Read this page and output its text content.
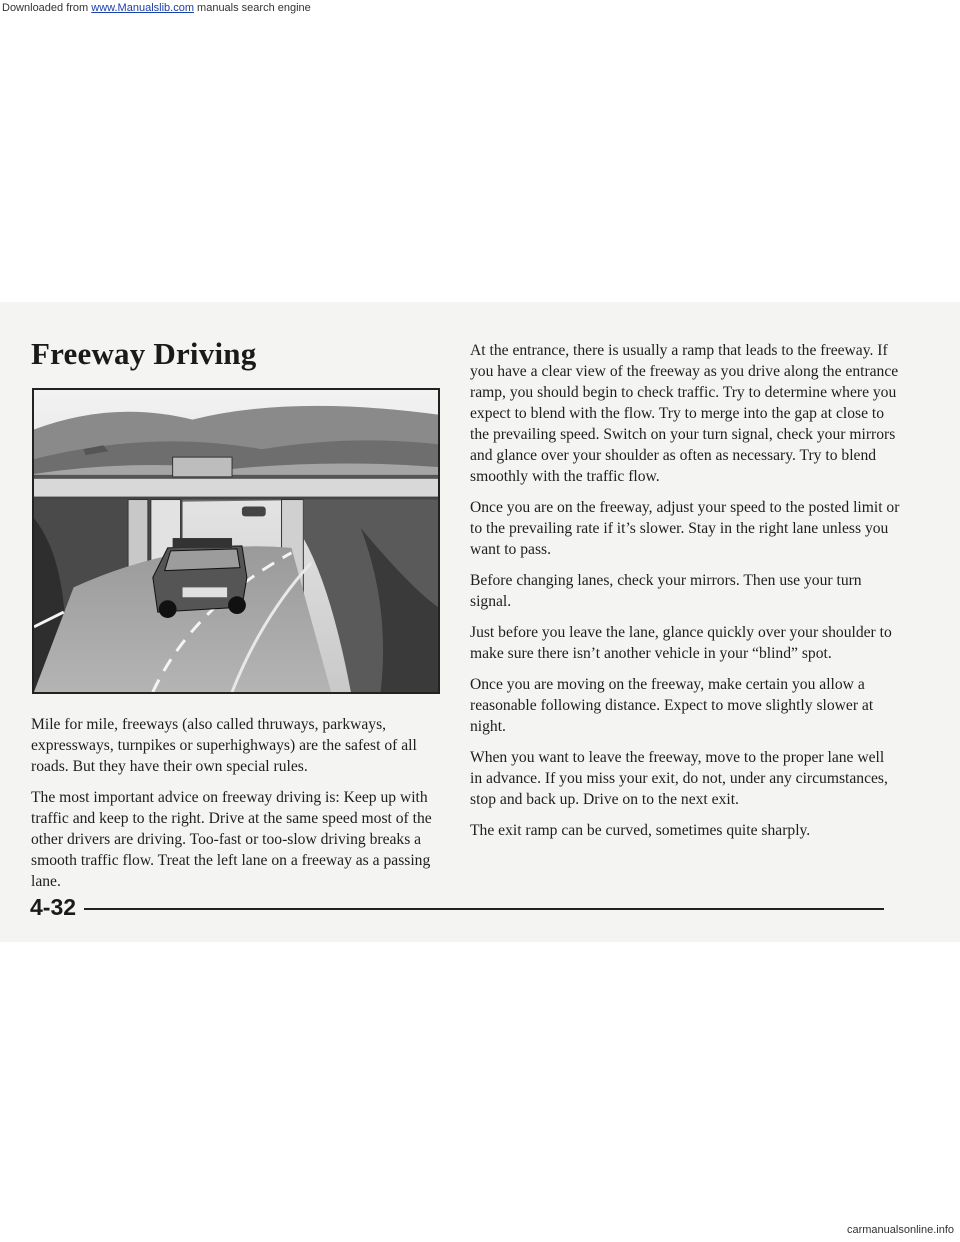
Downloaded from www.Manualslib.com manuals search engine
Freeway Driving

Mile for mile, freeways (also called thruways, parkways, expressways, turnpikes or superhighways) are the safest of all roads. But they have their own special rules.

The most important advice on freeway driving is: Keep up with traffic and keep to the right. Drive at the same speed most of the other drivers are driving. Too-fast or too-slow driving breaks a smooth traffic flow. Treat the left lane on a freeway as a passing lane.

At the entrance, there is usually a ramp that leads to the freeway. If you have a clear view of the freeway as you drive along the entrance ramp, you should begin to check traffic. Try to determine where you expect to blend with the flow. Try to merge into the gap at close to the prevailing speed. Switch on your turn signal, check your mirrors and glance over your shoulder as often as necessary. Try to blend smoothly with the traffic flow.

Once you are on the freeway, adjust your speed to the posted limit or to the prevailing rate if it’s slower. Stay in the right lane unless you want to pass.

Before changing lanes, check your mirrors. Then use your turn signal.

Just before you leave the lane, glance quickly over your shoulder to make sure there isn’t another vehicle in your “blind” spot.

Once you are moving on the freeway, make certain you allow a reasonable following distance. Expect to move slightly slower at night.

When you want to leave the freeway, move to the proper lane well in advance. If you miss your exit, do not, under any circumstances, stop and back up. Drive on to the next exit.

The exit ramp can be curved, sometimes quite sharply.

4-32
carmanualsonline.info
